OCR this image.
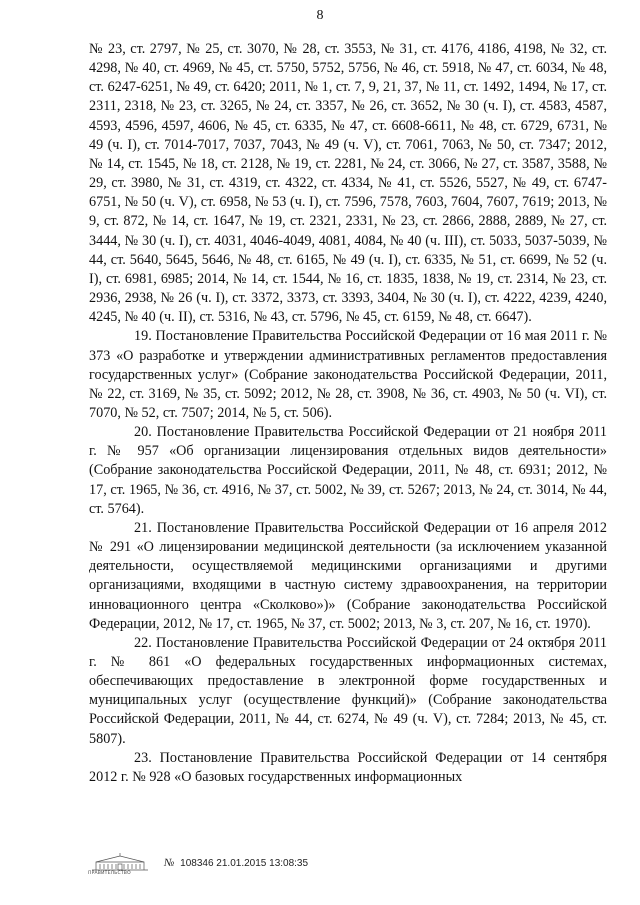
8

№ 23, ст. 2797, № 25, ст. 3070, № 28, ст. 3553, № 31, ст. 4176, 4186, 4198, № 32, ст. 4298, № 40, ст. 4969, № 45, ст. 5750, 5752, 5756, № 46, ст. 5918, № 47, ст. 6034, № 48, ст. 6247-6251, № 49, ст. 6420; 2011, № 1, ст. 7, 9, 21, 37, № 11, ст. 1492, 1494, № 17, ст. 2311, 2318, № 23, ст. 3265, № 24, ст. 3357, № 26, ст. 3652, № 30 (ч. I), ст. 4583, 4587, 4593, 4596, 4597, 4606, № 45, ст. 6335, № 47, ст. 6608-6611, № 48, ст. 6729, 6731, № 49 (ч. I), ст. 7014-7017, 7037, 7043, № 49 (ч. V), ст. 7061, 7063, № 50, ст. 7347; 2012, № 14, ст. 1545, № 18, ст. 2128, № 19, ст. 2281, № 24, ст. 3066, № 27, ст. 3587, 3588, № 29, ст. 3980, № 31, ст. 4319, ст. 4322, ст. 4334, № 41, ст. 5526, 5527, № 49, ст. 6747-6751, № 50 (ч. V), ст. 6958, № 53 (ч. I), ст. 7596, 7578, 7603, 7604, 7607, 7619; 2013, № 9, ст. 872, № 14, ст. 1647, № 19, ст. 2321, 2331, № 23, ст. 2866, 2888, 2889, № 27, ст. 3444, № 30 (ч. I), ст. 4031, 4046-4049, 4081, 4084, № 40 (ч. III), ст. 5033, 5037-5039, № 44, ст. 5640, 5645, 5646, № 48, ст. 6165, № 49 (ч. I), ст. 6335, № 51, ст. 6699, № 52 (ч. I), ст. 6981, 6985; 2014, № 14, ст. 1544, № 16, ст. 1835, 1838, № 19, ст. 2314, № 23, ст. 2936, 2938, № 26 (ч. I), ст. 3372, 3373, ст. 3393, 3404, № 30 (ч. I), ст. 4222, 4239, 4240, 4245, № 40 (ч. II), ст. 5316, № 43, ст. 5796, № 45, ст. 6159, № 48, ст. 6647).

19. Постановление Правительства Российской Федерации от 16 мая 2011 г. № 373 «О разработке и утверждении административных регламентов предоставления государственных услуг» (Собрание законодательства Российской Федерации, 2011, № 22, ст. 3169, № 35, ст. 5092; 2012, № 28, ст. 3908, № 36, ст. 4903, № 50 (ч. VI), ст. 7070, № 52, ст. 7507; 2014, № 5, ст. 506).

20. Постановление Правительства Российской Федерации от 21 ноября 2011 г. № 957 «Об организации лицензирования отдельных видов деятельности» (Собрание законодательства Российской Федерации, 2011, № 48, ст. 6931; 2012, № 17, ст. 1965, № 36, ст. 4916, № 37, ст. 5002, № 39, ст. 5267; 2013, № 24, ст. 3014, № 44, ст. 5764).

21. Постановление Правительства Российской Федерации от 16 апреля 2012 № 291 «О лицензировании медицинской деятельности (за исключением указанной деятельности, осуществляемой медицинскими организациями и другими организациями, входящими в частную систему здравоохранения, на территории инновационного центра «Сколково»)» (Собрание законодательства Российской Федерации, 2012, № 17, ст. 1965, № 37, ст. 5002; 2013, № 3, ст. 207, № 16, ст. 1970).

22. Постановление Правительства Российской Федерации от 24 октября 2011 г. № 861 «О федеральных государственных информационных системах, обеспечивающих предоставление в электронной форме государственных и муниципальных услуг (осуществление функций)» (Собрание законодательства Российской Федерации, 2011, № 44, ст. 6274, № 49 (ч. V), ст. 7284; 2013, № 45, ст. 5807).

23. Постановление Правительства Российской Федерации от 14 сентября 2012 г. № 928 «О базовых государственных информационных

ПРАВИТЕЛЬСТВО
№ 108346 21.01.2015 13:08:35
